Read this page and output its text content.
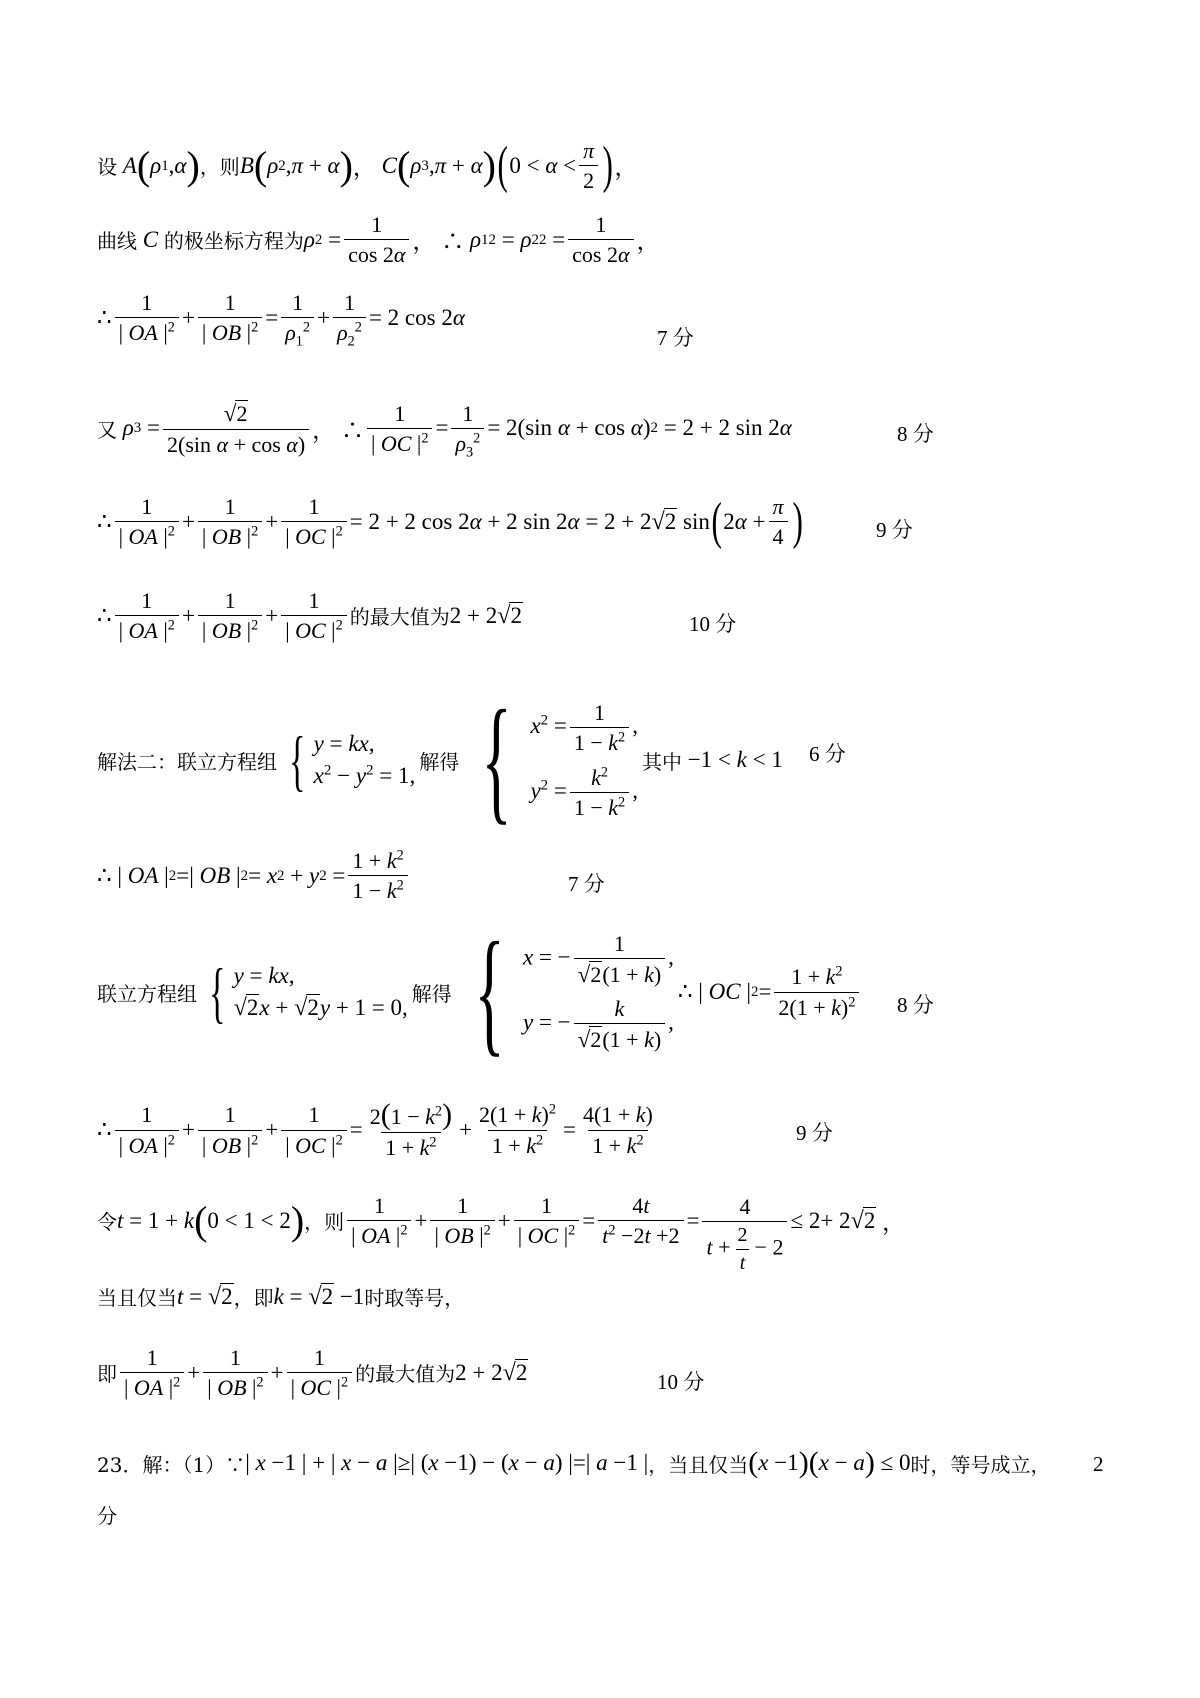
设 A ( ρ 1 , α ) ，则 B ( ρ 2 , π + α ) ， C ( ρ 3 , π + α ) ( 0 < α <
π
2 ) ，
曲线 C 的极坐标方程为 ρ 2 =
1
cos 2α
， ∴ ρ 1 2 = ρ 2 2 =
1
cos 2α
，
∴
1
| OA $|^2$ +
1
| OB $|^2$ =
1
$\rho_1^2$ +
1
$\rho_2^2 = 2$ cos 2 α
7 分
又 ρ 3 =
√ 2
2(sin α + cos α)
， ∴
1
| OC $|^2$ =
1
$\rho_3^2 = 2(\sin$ α + cos α ) 2 = 2 + 2 sin 2 α	8 分
∴
1
| OA $|^2$ +
1
| OB $|^2$ +
1
| OC $|^2 = 2 + 2$ cos 2 α + 2 sin 2 α = 2 + 2 √ 2 sin ( 2 α +
π
4 )	9 分
∴
1
| OA $|^2$ +
1
| OB $|^2$ +
1
| OC $|^2$ 的最大值为 2 + 2 √ 2	10 分
解法二：联立方程组 { y = kx,
$x^2 - y^2 = 1$,
解得 { $x^2 = \frac{1}{1 - k^2}$ ,
$y^2 = \frac{k^2}{1 - k^2}$ ,
其中 −1 < k < 1 6 分
∴ | OA | 2 =| OB | 2 = x 2 + y 2 =
$1 + k^2$
$1 - k^2$	7 分
联立方程组 { y = kx,
√ 2 x + √ 2 y + 1 = 0,
解得 { x = − $\frac{1}{√ 2 (1 + k)}$ ,
y = − $\frac{k}{√ 2 (1 + k)}$ ,
∴ | OC | 2 =
$1 + k^2$
$2(1 + k)^2$ 8 分
∴
1
| OA $|^2$ +
1
| OB $|^2$ +
1
| OC $|^2$ =
$2(1 - k^2)$
$1 + k^2$
+
$2(1 + k)^2$
$1 + k^2$ =
4(1 + k)
$1 + k^2$	9 分
令 t = 1 + k ( 0 < 1 < 2 ) ，则
1
| OA $|^2$ +
1
| OB $|^2$ +
1
| OC $|^2$ =
4t
$t^2 -2t +2$
=
4
$t + \frac{2}{t} - 2$
≤ 2+ 2 √ 2 ，
当且仅当 t = √ 2 ，即 k = √ 2 −1 时取等号，
即
1
| OA $|^2$ +
1
| OB $|^2$ +
1
| OC $|^2$ 的最大值为 2 + 2 √ 2	10 分
23．解：（1）∵ | x −1 | + | x − a |≥| ( x −1) − ( x − a ) |=| a −1 | ，当且仅当 ( x −1 ) ( x − a ) ≤ 0 时，等号成立， 2
分
